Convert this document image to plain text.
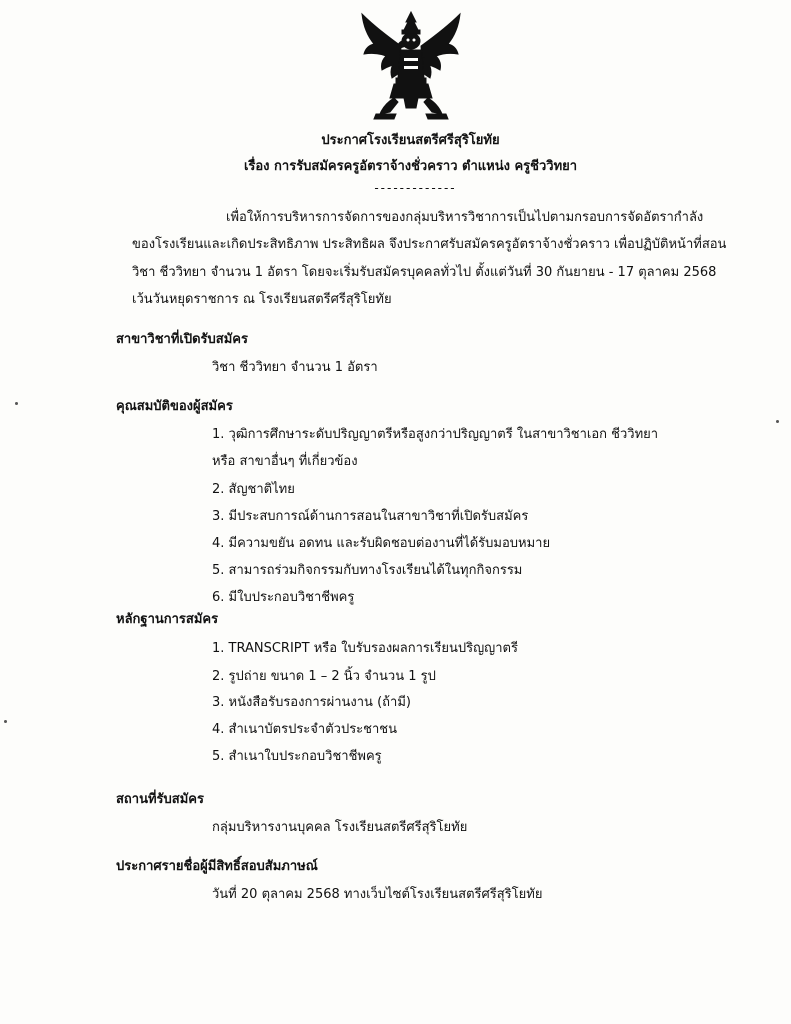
ประกาศโรงเรียนสตรีศรีสุริโยทัย
เรื่อง การรับสมัครครูอัตราจ้างชั่วคราว ตำแหน่ง ครูชีววิทยา
-------------
เพื่อให้การบริหารการจัดการของกลุ่มบริหารวิชาการเป็นไปตามกรอบการจัดอัตรากำลัง
ของโรงเรียนและเกิดประสิทธิภาพ ประสิทธิผล จึงประกาศรับสมัครครูอัตราจ้างชั่วคราว เพื่อปฏิบัติหน้าที่สอน
วิชา ชีววิทยา จำนวน 1 อัตรา โดยจะเริ่มรับสมัครบุคคลทั่วไป ตั้งแต่วันที่ 30 กันยายน - 17 ตุลาคม 2568
เว้นวันหยุดราชการ ณ โรงเรียนสตรีศรีสุริโยทัย
สาขาวิชาที่เปิดรับสมัคร
วิชา ชีววิทยา จำนวน 1 อัตรา
คุณสมบัติของผู้สมัคร
1. วุฒิการศึกษาระดับปริญญาตรีหรือสูงกว่าปริญญาตรี ในสาขาวิชาเอก ชีววิทยา
หรือ สาขาอื่นๆ ที่เกี่ยวข้อง
2. สัญชาติไทย
3. มีประสบการณ์ด้านการสอนในสาขาวิชาที่เปิดรับสมัคร
4. มีความขยัน อดทน และรับผิดชอบต่องานที่ได้รับมอบหมาย
5. สามารถร่วมกิจกรรมกับทางโรงเรียนได้ในทุกกิจกรรม
6. มีใบประกอบวิชาชีพครู
หลักฐานการสมัคร
1. TRANSCRIPT หรือ ใบรับรองผลการเรียนปริญญาตรี
2. รูปถ่าย ขนาด 1 – 2 นิ้ว จำนวน 1 รูป
3. หนังสือรับรองการผ่านงาน (ถ้ามี)
4. สำเนาบัตรประจำตัวประชาชน
5. สำเนาใบประกอบวิชาชีพครู
สถานที่รับสมัคร
กลุ่มบริหารงานบุคคล โรงเรียนสตรีศรีสุริโยทัย
ประกาศรายชื่อผู้มีสิทธิ์สอบสัมภาษณ์
วันที่ 20 ตุลาคม 2568 ทางเว็บไซต์โรงเรียนสตรีศรีสุริโยทัย
